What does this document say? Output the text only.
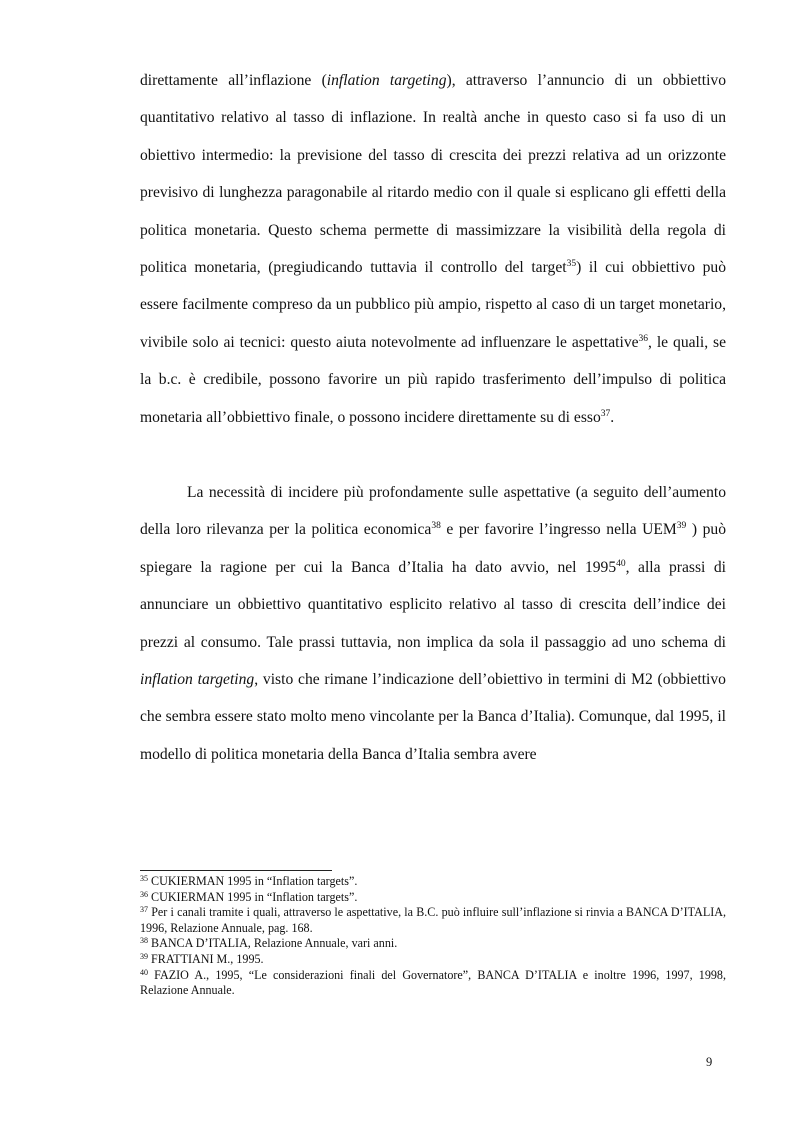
direttamente all’inflazione (inflation targeting), attraverso l’annuncio di un obbiettivo quantitativo relativo al tasso di inflazione. In realtà anche in questo caso si fa uso di un obiettivo intermedio: la previsione del tasso di crescita dei prezzi relativa ad un orizzonte previsivo di lunghezza paragonabile al ritardo medio con il quale si esplicano gli effetti della politica monetaria. Questo schema permette di massimizzare la visibilità della regola di politica monetaria, (pregiudicando tuttavia il controllo del target$^{35}$) il cui obbiettivo può essere facilmente compreso da un pubblico più ampio, rispetto al caso di un target monetario, vivibile solo ai tecnici: questo aiuta notevolmente ad influenzare le aspettative$^{36}$, le quali, se la b.c. è credibile, possono favorire un più rapido trasferimento dell’impulso di politica monetaria all’obbiettivo finale, o possono incidere direttamente su di esso$^{37}$.

La necessità di incidere più profondamente sulle aspettative (a seguito dell’aumento della loro rilevanza per la politica economica$^{38}$ e per favorire l’ingresso nella UEM$^{39}$ ) può spiegare la ragione per cui la Banca d’Italia ha dato avvio, nel 1995$^{40}$, alla prassi di annunciare un obbiettivo quantitativo esplicito relativo al tasso di crescita dell’indice dei prezzi al consumo. Tale prassi tuttavia, non implica da sola il passaggio ad uno schema di inflation targeting, visto che rimane l’indicazione dell’obiettivo in termini di M2 (obbiettivo che sembra essere stato molto meno vincolante per la Banca d’Italia). Comunque, dal 1995, il modello di politica monetaria della Banca d’Italia sembra avere

$^{35}$ CUKIERMAN 1995 in “Inflation targets”.
$^{36}$ CUKIERMAN 1995 in “Inflation targets”.
$^{37}$ Per i canali tramite i quali, attraverso le aspettative, la B.C. può influire sull’inflazione si rinvia a BANCA D’ITALIA, 1996, Relazione Annuale, pag. 168.
$^{38}$ BANCA D’ITALIA, Relazione Annuale, vari anni.
$^{39}$ FRATTIANI M., 1995.
$^{40}$ FAZIO A., 1995, “Le considerazioni finali del Governatore”, BANCA D’ITALIA e inoltre 1996, 1997, 1998, Relazione Annuale.
9
